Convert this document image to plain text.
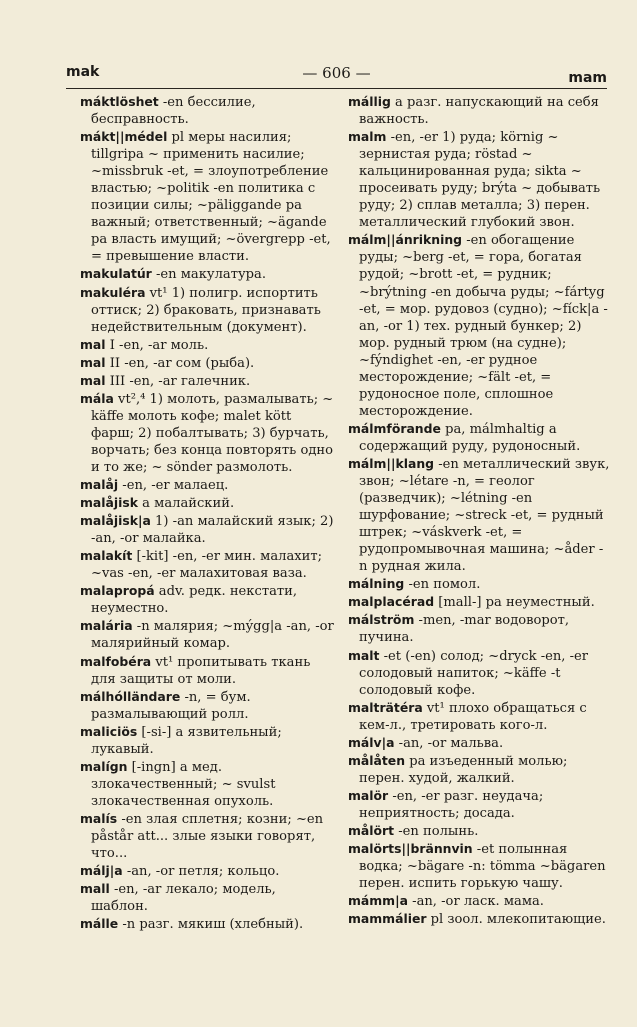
mak	— 606 —	mam

máktlöshet -en бессилие, бесправность.

mákt||médel pl меры насилия; tillgripa ~ применить насилие; ~missbruk -et, = злоупотребление властью; ~politik -en политика с позиции силы; ~päliggande pa важный; ответственный; ~ägande pa власть имущий; ~övergrepp -et, = превышение власти.

makulatúr -en макулатура.

makuléra vt¹ 1) полигр. испортить оттиск; 2) браковать, признавать недействительным (документ).

mal I -en, -ar моль.

mal II -en, -ar сом (рыба).

mal III -en, -ar галечник.

mála vt²,⁴ 1) молоть, размалывать; ~ käffe молоть кофе; malet kött фарш; 2) побалтывать; 3) бурчать, ворчать; без конца повторять одно и то же; ~ sönder размолоть.

malåj -en, -er малаец.

malåjisk a малайский.

malåjisk|a 1) -an малайский язык; 2) -an, -or малайка.

malakít [-kit] -en, -er мин. малахит; ~vas -en, -er малахитовая ваза.

malapropá adv. редк. некстати, неуместно.

malária -n малярия; ~mýgg|a -an, -or малярийный комар.

malfobéra vt¹ пропитывать ткань для защиты от моли.

málhólländare -n, = бум. размалывающий ролл.

maliciös [-si-] a язвительный; лукавый.

malígn [-ingn] a мед. злокачественный; ~ svulst злокачественная опухоль.

malís -en злая сплетня; козни; ~en påstår att... злые языки говорят, что...

málj|a -an, -or петля; кольцо.

mall -en, -ar лекало; модель, шаблон.

málle -n разг. мякиш (хлебный).

mállig a разг. напускающий на себя важность.

malm -en, -er 1) руда; körnig ~ зернистая руда; röstad ~ кальцинированная руда; sikta ~ просеивать руду; brýta ~ добывать руду; 2) сплав металла; 3) перен. металлический глубокий звон.

málm||ánrikning -en обогащение руды; ~berg -et, = гора, богатая рудой; ~brott -et, = рудник; ~brýtning -en добыча руды; ~fártyg -et, = мор. рудовоз (судно); ~fíck|a -an, -or 1) тех. рудный бункер; 2) мор. рудный трюм (на судне); ~fýndighet -en, -er рудное месторождение; ~fält -et, = рудоносное поле, сплошное месторождение.

málmförande pa, málmhaltig a содержащий руду, рудоносный.

málm||klang -en металлический звук, звон; ~létare -n, = геолог (разведчик); ~létning -en шурфование; ~streck -et, = рудный штрек; ~váskverk -et, = рудопромывочная машина; ~åder -n рудная жила.

málning -en помол.

malplacérad [mall-] pa неуместный.

málström -men, -mar водоворот, пучина.

malt -et (-en) солод; ~dryck -en, -er солодовый напиток; ~käffe -t солодовый кофе.

malträtéra vt¹ плохо обращаться с кем-л., третировать кого-л.

málv|a -an, -or мальва.

målåten pa изъеденный молью; перен. худой, жалкий.

malör -en, -er разг. неудача; неприятность; досада.

målört -en полынь.

malörts||brännvin -et полынная водка; ~bägare -n: tömma ~bägaren перен. испить горькую чашу.

mámm|a -an, -or ласк. мама.

mammálier pl зоол. млекопитающие.
